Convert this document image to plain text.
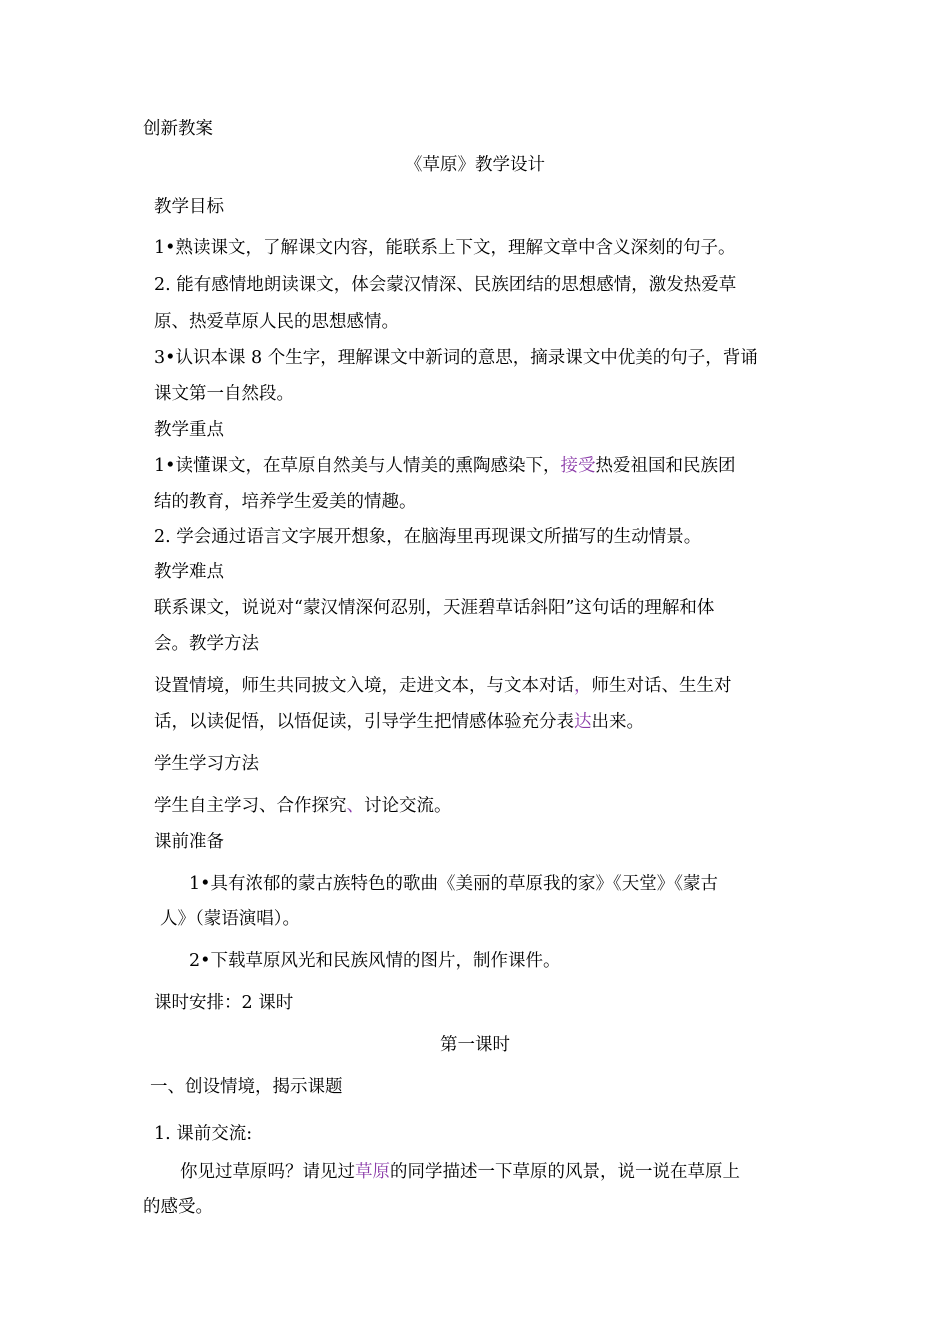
创新教案
《草原》教学设计
教学目标
1•熟读课文，了解课文内容，能联系上下文，理解文章中含义深刻的句子。
2. 能有感情地朗读课文，体会蒙汉情深、民族团结的思想感情，激发热爱草
原、热爱草原人民的思想感情。
3•认识本课 8 个生字，理解课文中新词的意思，摘录课文中优美的句子，背诵
课文第一自然段。
教学重点
1•读懂课文，在草原自然美与人情美的熏陶感染下，接受热爱祖国和民族团
结的教育，培养学生爱美的情趣。
2. 学会通过语言文字展开想象，在脑海里再现课文所描写的生动情景。
教学难点
联系课文，说说对“蒙汉情深何忍别，天涯碧草话斜阳”这句话的理解和体
会。教学方法
设置情境，师生共同披文入境，走进文本，与文本对话，师生对话、生生对
话，以读促悟，以悟促读，引导学生把情感体验充分表达出来。
学生学习方法
学生自主学习、合作探究、讨论交流。
课前准备
1•具有浓郁的蒙古族特色的歌曲《美丽的草原我的家》《天堂》《蒙古
人》（蒙语演唱）。
2•下载草原风光和民族风情的图片，制作课件。
课时安排：2 课时
第一课时
一、创设情境，揭示课题
1. 课前交流:
你见过草原吗？请见过草原的同学描述一下草原的风景，说一说在草原上
的感受。
